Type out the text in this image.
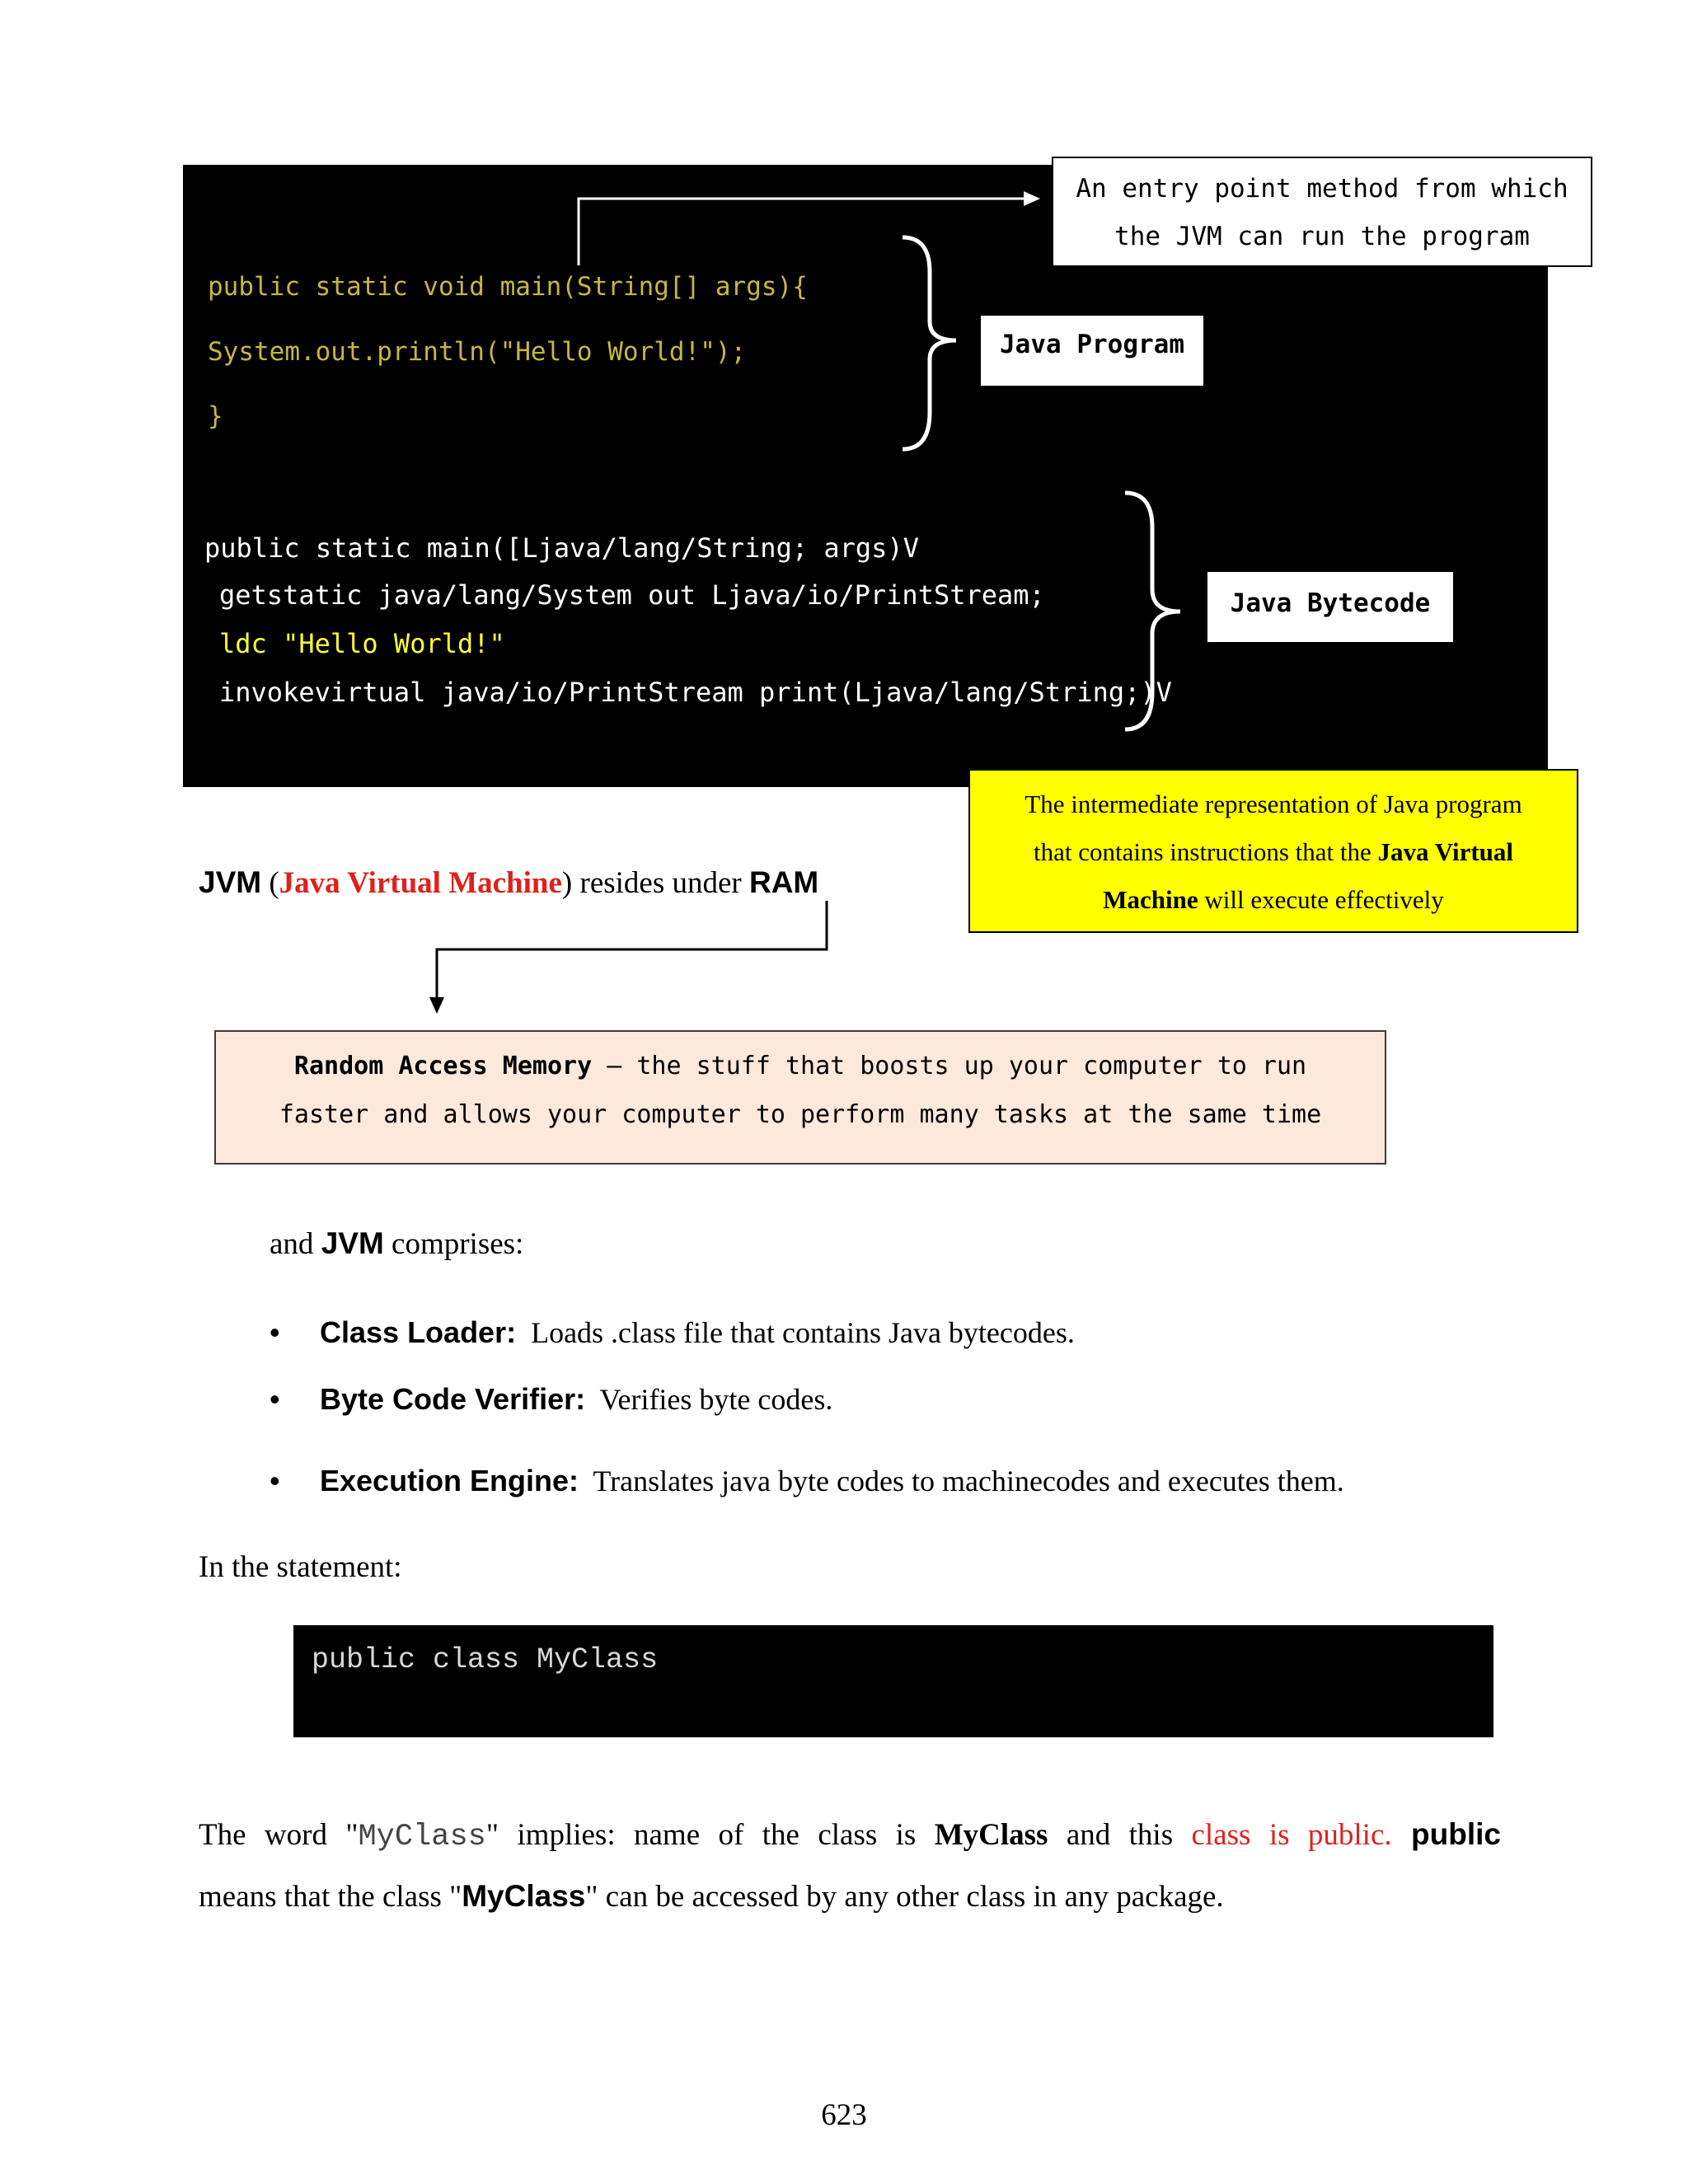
public static void main(String[] args){
System.out.println("Hello World!");
}
public static main([Ljava/lang/String; args)V
getstatic java/lang/System out Ljava/io/PrintStream;
ldc "Hello World!"
invokevirtual java/io/PrintStream print(Ljava/lang/String;)V
An entry point method from which
the JVM can run the program
Java Program
Java Bytecode
The intermediate representation of Java program
that contains instructions that the Java Virtual
Machine will execute effectively
JVM (Java Virtual Machine) resides under RAM
Random Access Memory – the stuff that boosts up your computer to run
faster and allows your computer to perform many tasks at the same time
and JVM comprises:
• Class Loader: Loads .class file that contains Java bytecodes.
• Byte Code Verifier: Verifies byte codes.
• Execution Engine: Translates java byte codes to machinecodes and executes them.
In the statement:
public class MyClass
The word "MyClass" implies: name of the class is MyClass and this class is public. public
means that the class "MyClass" can be accessed by any other class in any package.
623
